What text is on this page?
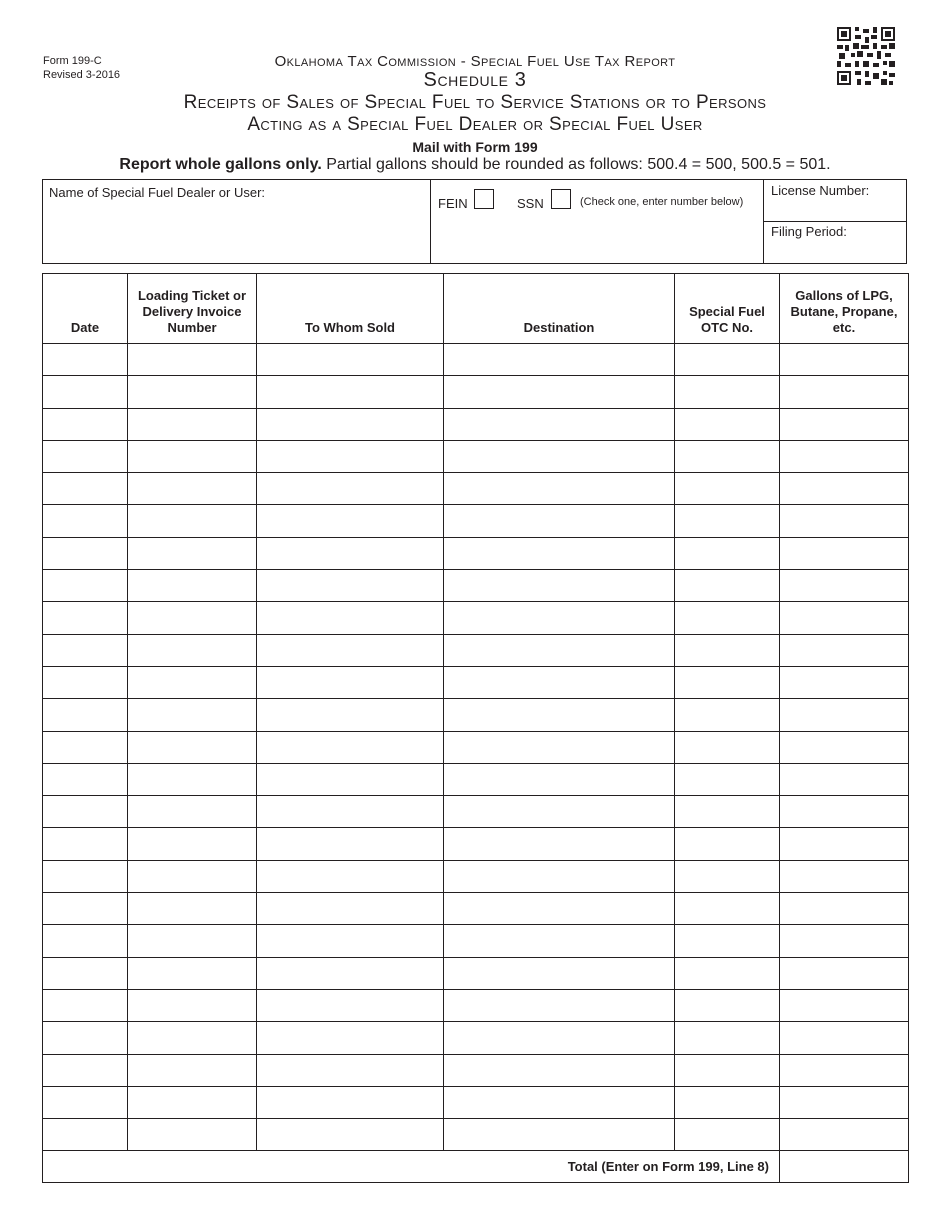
Form 199-C
Revised 3-2016
Oklahoma Tax Commission - Special Fuel Use Tax Report
Schedule 3
Receipts of Sales of Special Fuel to Service Stations or to Persons
Acting as a Special Fuel Dealer or Special Fuel User
Mail with Form 199
Report whole gallons only. Partial gallons should be rounded as follows: 500.4 = 500, 500.5 = 501.
Name of Special Fuel Dealer or User:
FEIN	SSN	(Check one, enter number below)
License Number:
Filing Period:
Date	Loading Ticket or Delivery Invoice Number	To Whom Sold	Destination	Special Fuel OTC No.	Gallons of LPG, Butane, Propane, etc.

Total (Enter on Form 199, Line 8)					
